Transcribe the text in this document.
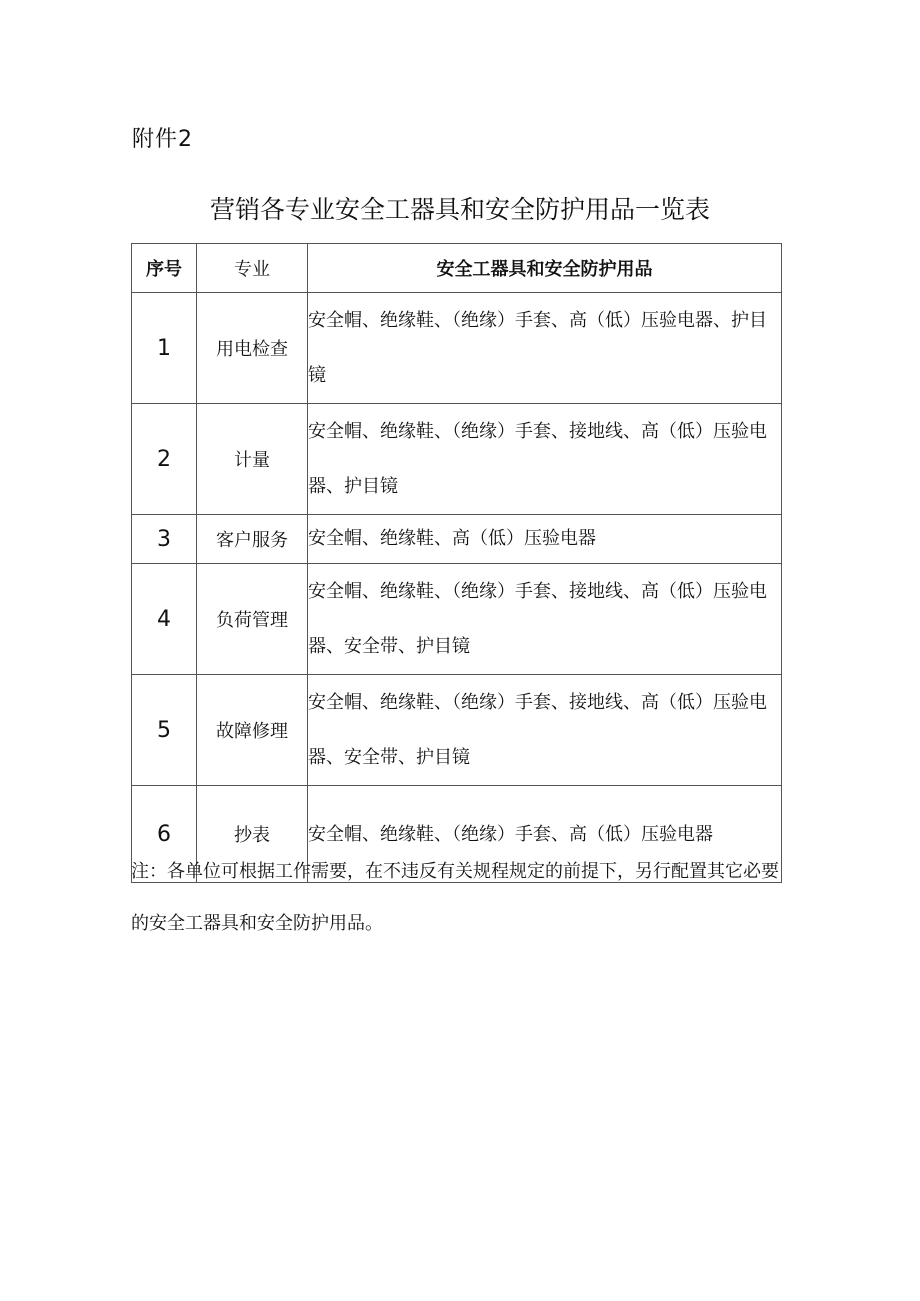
附件2
营销各专业安全工器具和安全防护用品一览表
序号	专业	安全工器具和安全防护用品
1	用电检查	安全帽、绝缘鞋、（绝缘）手套、高（低）压验电器、护目镜
2	计量	安全帽、绝缘鞋、（绝缘）手套、接地线、高（低）压验电器、护目镜
3	客户服务	安全帽、绝缘鞋、高（低）压验电器
4	负荷管理	安全帽、绝缘鞋、（绝缘）手套、接地线、高（低）压验电器、安全带、护目镜
5	故障修理	安全帽、绝缘鞋、（绝缘）手套、接地线、高（低）压验电器、安全带、护目镜
6	抄表	安全帽、绝缘鞋、（绝缘）手套、高（低）压验电器
注：各单位可根据工作需要，在不违反有关规程规定的前提下，另行配置其它必要的安全工器具和安全防护用品。
